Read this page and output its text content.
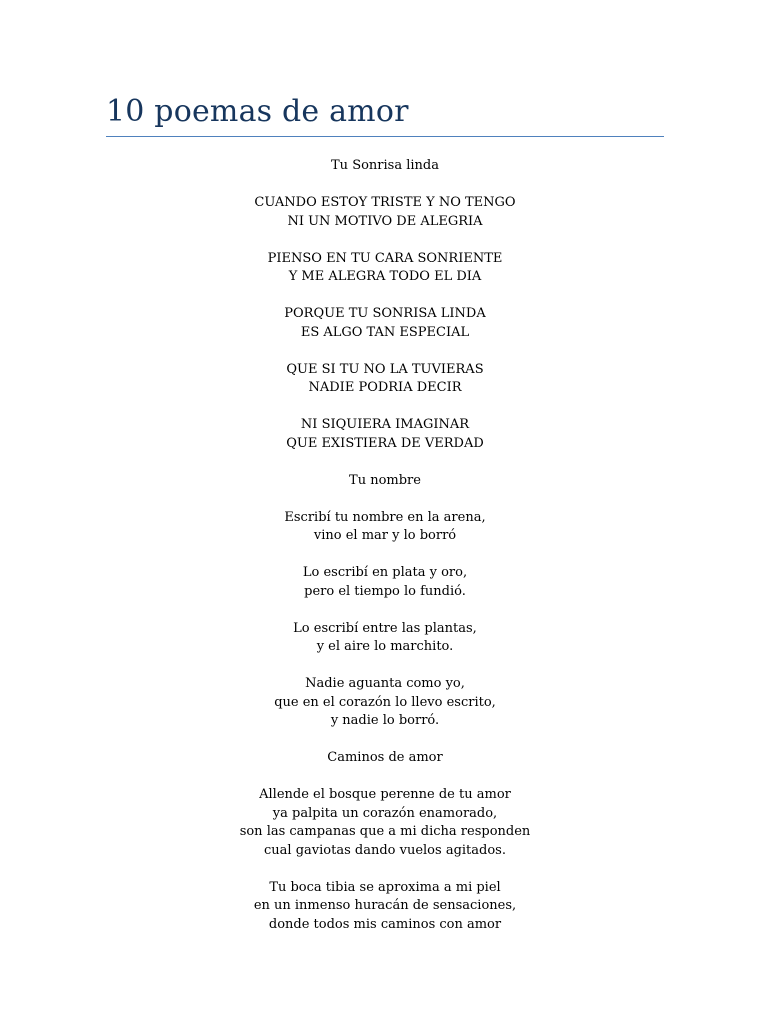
10 poemas de amor
Tu Sonrisa linda
CUANDO ESTOY TRISTE Y NO TENGO
NI UN MOTIVO DE ALEGRIA
PIENSO EN TU CARA SONRIENTE
Y ME ALEGRA TODO EL DIA
PORQUE TU SONRISA LINDA
ES ALGO TAN ESPECIAL
QUE SI TU NO LA TUVIERAS
NADIE PODRIA DECIR
NI SIQUIERA IMAGINAR
QUE EXISTIERA DE VERDAD
Tu nombre
Escribí tu nombre en la arena,
vino el mar y lo borró
Lo escribí en plata y oro,
pero el tiempo lo fundió.
Lo escribí entre las plantas,
y el aire lo marchito.
Nadie aguanta como yo,
que en el corazón lo llevo escrito,
y nadie lo borró.
Caminos de amor
Allende el bosque perenne de tu amor
ya palpita un corazón enamorado,
son las campanas que a mi dicha responden
cual gaviotas dando vuelos agitados.
Tu boca tibia se aproxima a mi piel
en un inmenso huracán de sensaciones,
donde todos mis caminos con amor
